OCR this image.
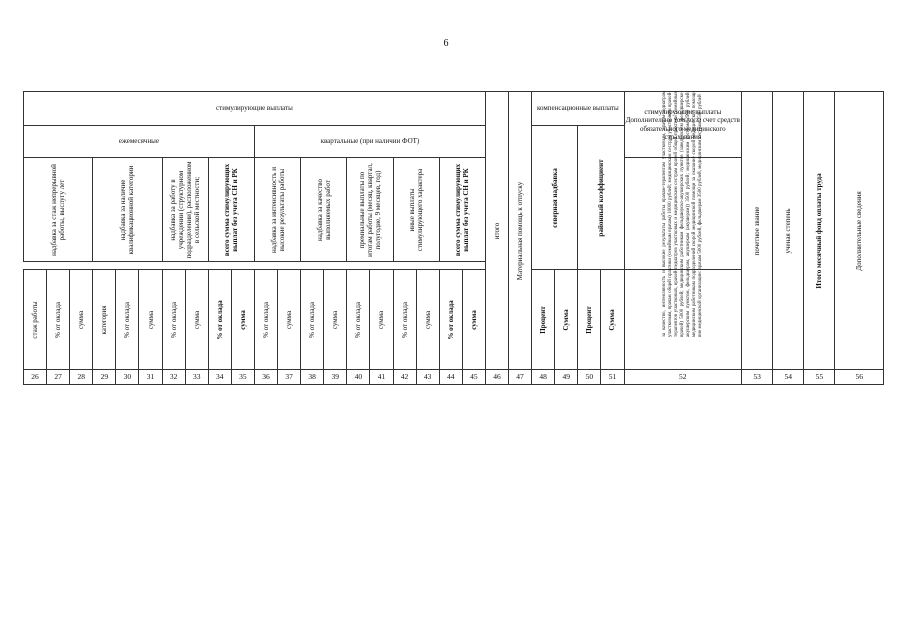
6
стимулирующие выплаты																				итого	Материальная помощь к отпуску	компенсационные выплаты				стимулирующие выплаты Дополнительно только за счет средств обязательного медицинского страхования	почетное звание	ученая степень	Итого месячный фонд оплаты труда	Дополнительные сведения

ежемесячные										квартальные (при наличии ФОТ)												северная надбавка		районный коэффициент						

надбавка за стаж непрерывной работы, выслугу лет			надбавка за наличие квалификационной категории			надбавка за работу в учреждении (структурном подразделении), расположенном в сельской местности;		всего сумма стимулирующих выплат без учета СН и РК		надбавка за интенсивность и высокие результаты работы		надбавка за качество выполняемых работ		премиальные выплаты по итогам работы (месяц, квартал, полугодие, 9 месяцев, год)		иные выплаты стимулирующего характера		всего сумма стимулирующих выплат без учета СН и РК								за качество, интенсивность и высокие результаты работы врачам-терапевтам участковым, врачам-педиатрам участковым, врачам общей практики (семейным врачам) 10000 рублей; медицинским сестрам участковым врачей-терапевтов участковых, врачей-педиатров участковых и медицинским сестрам врачей общей практики (семейных врачей) 5000 рублей; медицинским работникам фельдшерско-акушерских пунктов (заведующим фельдшерско-акушерским пунктом, фельдшерам, акушеркам (акушерам)) 3500 рублей; медицинским сестрам 2500 рублей; медицинским работникам подразделений скорой медицинской помощи за оказание скорой медицинской помощи вне медицинской организации: врачам 5000 рублей, фельдшерам 3500 рублей, медицинским сестрам 2500 рублей				

стаж работы	% от оклада	сумма	категория	% от оклада	сумма	% от оклада	сумма	% от оклада	сумма	% от оклада	сумма	% от оклада	сумма	% от оклада	сумма	% от оклада	сумма	% от оклада	сумма			Процент	Сумма	Процент	Сумма					

26	27	28	29	30	31	32	33	34	35	36	37	38	39	40	41	42	43	44	45	46	47	48	49	50	51	52	53	54	55	56
